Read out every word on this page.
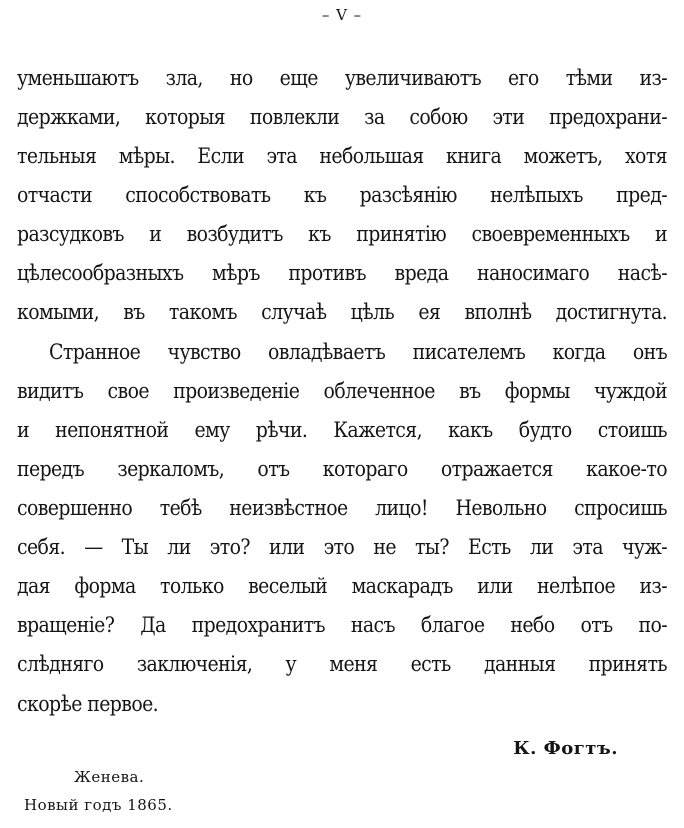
– V –
уменьшаютъ зла, но еще увеличиваютъ его тѣми из-
держками, которыя повлекли за собою эти предохрани-
тельныя мѣры. Если эта небольшая книга можетъ, хотя
отчасти способствовать къ разсѣянію нелѣпыхъ пред-
разсудковъ и возбудитъ къ принятію своевременныхъ и
цѣлесообразныхъ мѣръ противъ вреда наносимаго насѣ-
комыми, въ такомъ случаѣ цѣль ея вполнѣ достигнута.
Странное чувство овладѣваетъ писателемъ когда онъ
видитъ свое произведеніе облеченное въ формы чуждой
и непонятной ему рѣчи. Кажется, какъ будто стоишь
передъ зеркаломъ, отъ котораго отражается какое-то
совершенно тебѣ неизвѣстное лицо! Невольно спросишь
себя. — Ты ли это? или это не ты? Есть ли эта чуж-
дая форма только веселый маскарадъ или нелѣпое из-
вращеніе? Да предохранитъ насъ благое небо отъ по-
слѣдняго заключенія, у меня есть данныя принять
скорѣе первое.
К. Фогтъ.
Женева.
Новый годъ 1865.
